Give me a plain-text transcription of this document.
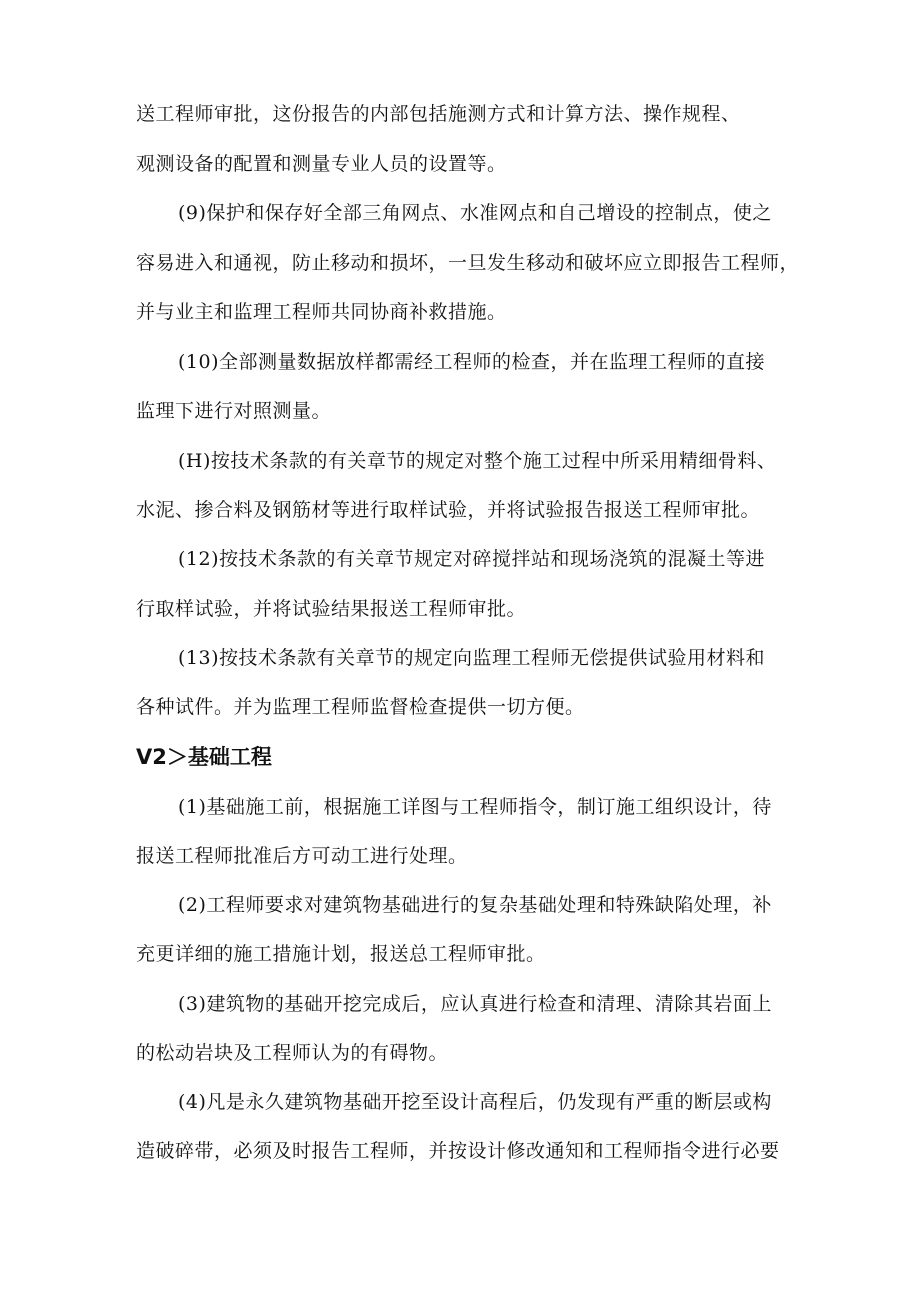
送工程师审批，这份报告的内部包括施测方式和计算方法、操作规程、
观测设备的配置和测量专业人员的设置等。
(9)保护和保存好全部三角网点、水准网点和自己增设的控制点，使之
容易进入和通视，防止移动和损坏，一旦发生移动和破坏应立即报告工程师，
并与业主和监理工程师共同协商补救措施。
(10)全部测量数据放样都需经工程师的检查，并在监理工程师的直接
监理下进行对照测量。
(H)按技术条款的有关章节的规定对整个施工过程中所采用精细骨料、
水泥、掺合料及钢筋材等进行取样试验，并将试验报告报送工程师审批。
(12)按技术条款的有关章节规定对碎搅拌站和现场浇筑的混凝土等进
行取样试验，并将试验结果报送工程师审批。
(13)按技术条款有关章节的规定向监理工程师无偿提供试验用材料和
各种试件。并为监理工程师监督检查提供一切方便。
V2＞基础工程
(1)基础施工前，根据施工详图与工程师指令，制订施工组织设计，待
报送工程师批准后方可动工进行处理。
(2)工程师要求对建筑物基础进行的复杂基础处理和特殊缺陷处理，补
充更详细的施工措施计划，报送总工程师审批。
(3)建筑物的基础开挖完成后，应认真进行检查和清理、清除其岩面上
的松动岩块及工程师认为的有碍物。
(4)凡是永久建筑物基础开挖至设计高程后，仍发现有严重的断层或构
造破碎带，必须及时报告工程师，并按设计修改通知和工程师指令进行必要
